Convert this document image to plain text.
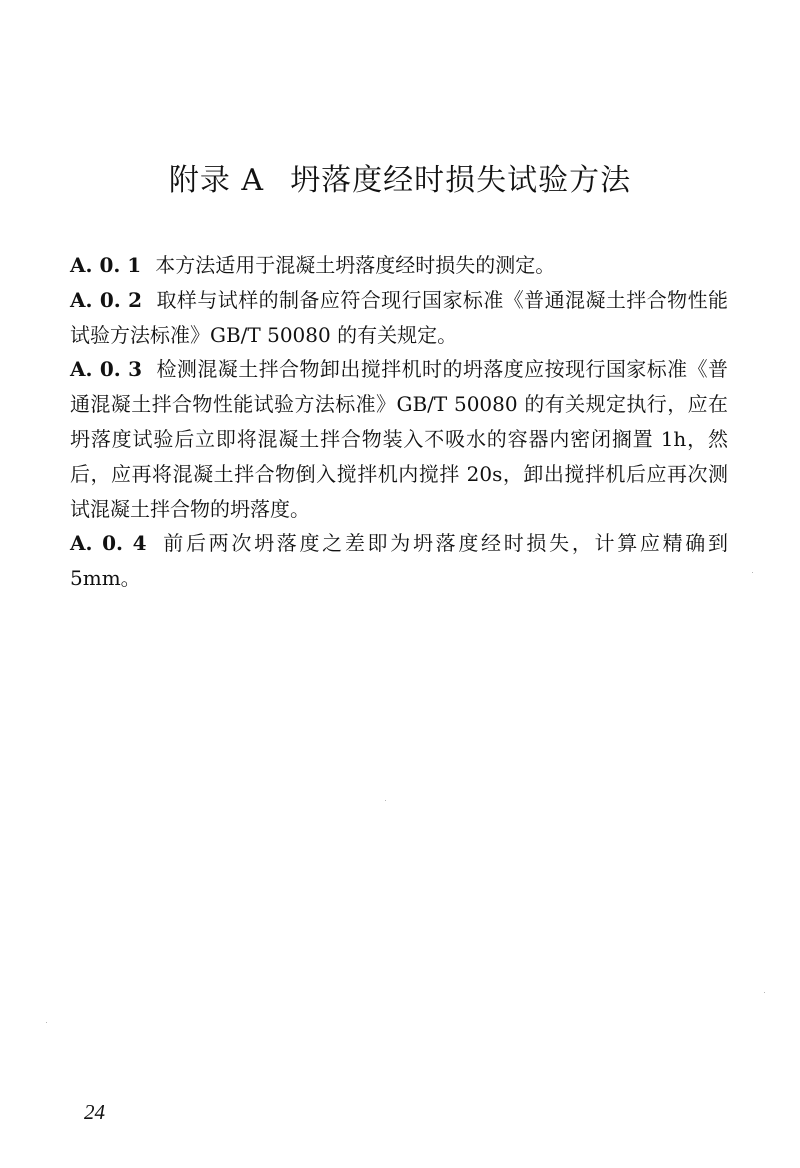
附录 A 坍落度经时损失试验方法

A. 0. 1 本方法适用于混凝土坍落度经时损失的测定。

A. 0. 2 取样与试样的制备应符合现行国家标准《普通混凝土拌合物性能试验方法标准》GB/T 50080 的有关规定。

A. 0. 3 检测混凝土拌合物卸出搅拌机时的坍落度应按现行国家标准《普通混凝土拌合物性能试验方法标准》GB/T 50080 的有关规定执行，应在坍落度试验后立即将混凝土拌合物装入不吸水的容器内密闭搁置 1h，然后，应再将混凝土拌合物倒入搅拌机内搅拌 20s，卸出搅拌机后应再次测试混凝土拌合物的坍落度。

A. 0. 4 前后两次坍落度之差即为坍落度经时损失，计算应精确到 5mm。

24
